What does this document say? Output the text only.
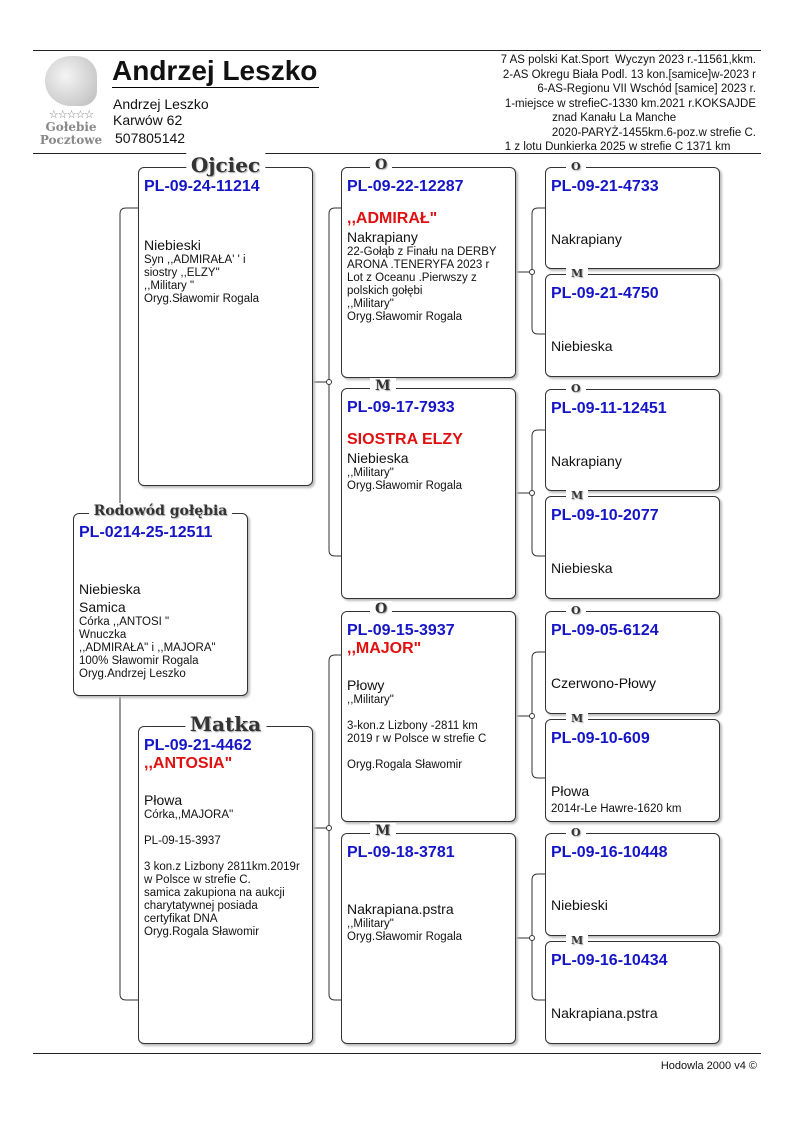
☆☆☆☆☆
Gołebie
Pocztowe
Andrzej Leszko
Andrzej Leszko
Karwów 62
507805142
7 AS polski Kat.Sport  Wyczyn 2023 r.-11561,kkm.
2-AS Okregu Biała Podl. 13 kon.[samice]w-2023 r
6-AS-Regionu VII Wschód [samice] 2023 r.
1-miejsce w strefieC-1330 km.2021 r.KOKSAJDE
znad Kanału La Manche
2020-PARYŻ-1455km.6-poz.w strefie C.
1 z lotu Dunkierka 2025 w strefie C 1371 km
Hodowla 2000 v4 ©
Rodowód gołębia
PL-0214-25-12511
Niebieska
Samica
Córka ,,ANTOSI "
Wnuczka
,,ADMIRAŁA" i ,,MAJORA"
100% Sławomir Rogala
Oryg.Andrzej Leszko
Ojciec
PL-09-24-11214
Niebieski
Syn ,,ADMIRAŁA' ' i
siostry ,,ELZY"
,,Military "
Oryg.Sławomir Rogala
Matka
PL-09-21-4462
,,ANTOSIA"
Płowa
Córka,,MAJORA''

PL-09-15-3937

3 kon.z Lizbony 2811km.2019r
w Polsce w strefie C.
samica zakupiona na aukcji
charytatywnej posiada
certyfikat DNA
Oryg.Rogala Sławomir
O
PL-09-22-12287
,,ADMIRAŁ"
Nakrapiany
22-Gołąb z Finału na DERBY
ARONA .TENERYFA 2023 r
Lot z Oceanu .Pierwszy z
polskich gołębi
,,Military"
Oryg.Sławomir Rogala
M
PL-09-17-7933
SIOSTRA ELZY
Niebieska
,,Military"
Oryg.Sławomir Rogala
O
PL-09-15-3937
,,MAJOR"
Płowy
,,Military"

3-kon.z Lizbony -2811 km
2019 r w Polsce w strefie C

Oryg.Rogala Sławomir
M
PL-09-18-3781
Nakrapiana.pstra
,,Military"
Oryg.Sławomir Rogala
O
PL-09-21-4733
Nakrapiany
M
PL-09-21-4750
Niebieska
O
PL-09-11-12451
Nakrapiany
M
PL-09-10-2077
Niebieska
O
PL-09-05-6124
Czerwono-Płowy
M
PL-09-10-609
Płowa
2014r-Le Hawre-1620 km
O
PL-09-16-10448
Niebieski
M
PL-09-16-10434
Nakrapiana.pstra
